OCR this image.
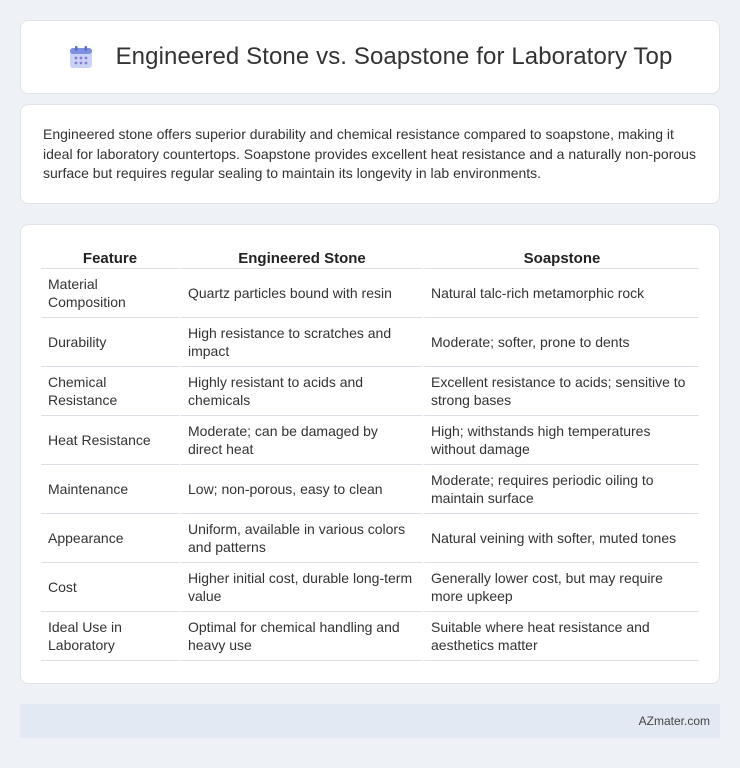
Engineered Stone vs. Soapstone for Laboratory Top

Engineered stone offers superior durability and chemical resistance compared to soapstone, making it ideal for laboratory countertops. Soapstone provides excellent heat resistance and a naturally non-porous surface but requires regular sealing to maintain its longevity in lab environments.

Feature	Engineered Stone	Soapstone
Material Composition	Quartz particles bound with resin	Natural talc-rich metamorphic rock
Durability	High resistance to scratches and impact	Moderate; softer, prone to dents
Chemical Resistance	Highly resistant to acids and chemicals	Excellent resistance to acids; sensitive to strong bases
Heat Resistance	Moderate; can be damaged by direct heat	High; withstands high temperatures without damage
Maintenance	Low; non-porous, easy to clean	Moderate; requires periodic oiling to maintain surface
Appearance	Uniform, available in various colors and patterns	Natural veining with softer, muted tones
Cost	Higher initial cost, durable long-term value	Generally lower cost, but may require more upkeep
Ideal Use in Laboratory	Optimal for chemical handling and heavy use	Suitable where heat resistance and aesthetics matter
AZmater.com
